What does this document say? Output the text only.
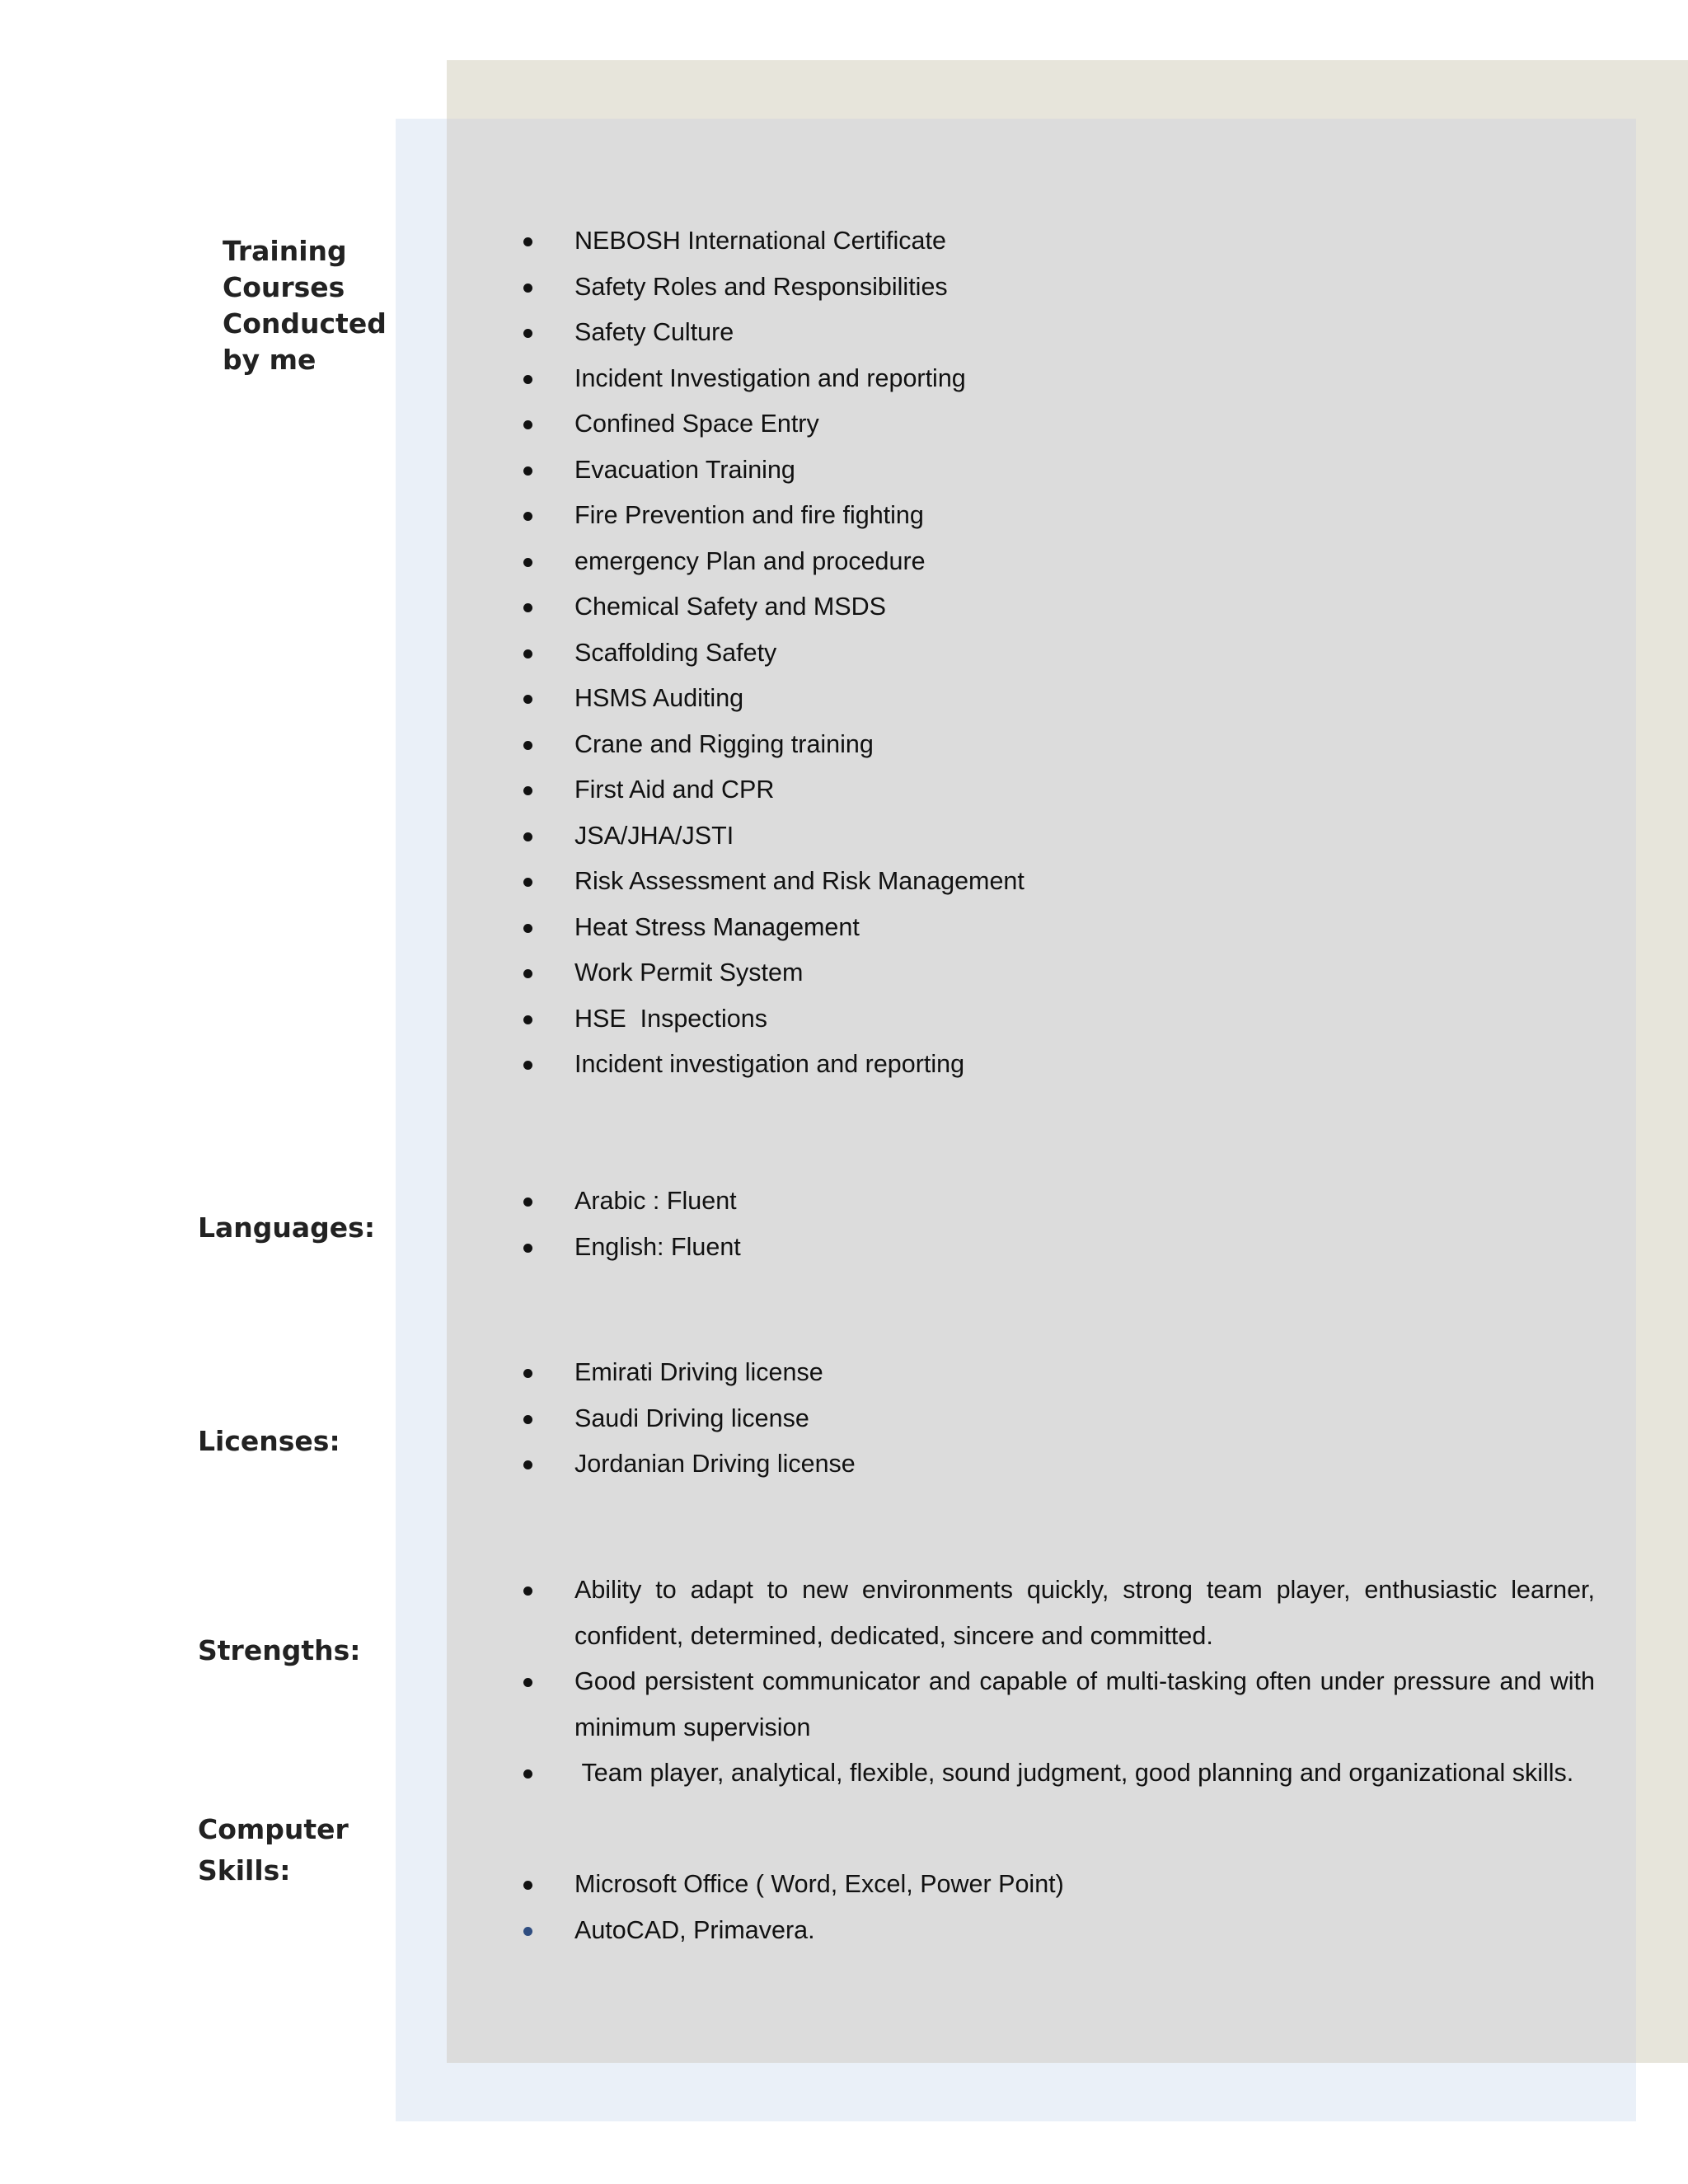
Training Courses Conducted by me

NEBOSH International Certificate
Safety Roles and Responsibilities
Safety Culture
Incident Investigation and reporting
Confined Space Entry
Evacuation Training
Fire Prevention and fire fighting
emergency Plan and procedure
Chemical Safety and MSDS
Scaffolding Safety
HSMS Auditing
Crane and Rigging training
First Aid and CPR
JSA/JHA/JSTI
Risk Assessment and Risk Management
Heat Stress Management
Work Permit System
HSE  Inspections
Incident investigation and reporting

Languages:

Arabic : Fluent
English: Fluent

Licenses:

Emirati Driving license
Saudi Driving license
Jordanian Driving license

Strengths:

Ability to adapt to new environments quickly, strong team player, enthusiastic learner, confident, determined, dedicated, sincere and committed.
Good persistent communicator and capable of multi-tasking often under pressure and with minimum supervision
Team player, analytical, flexible, sound judgment, good planning and organizational skills.

Computer Skills:	Microsoft Office ( Word, Excel, Power Point)
AutoCAD, Primavera.
